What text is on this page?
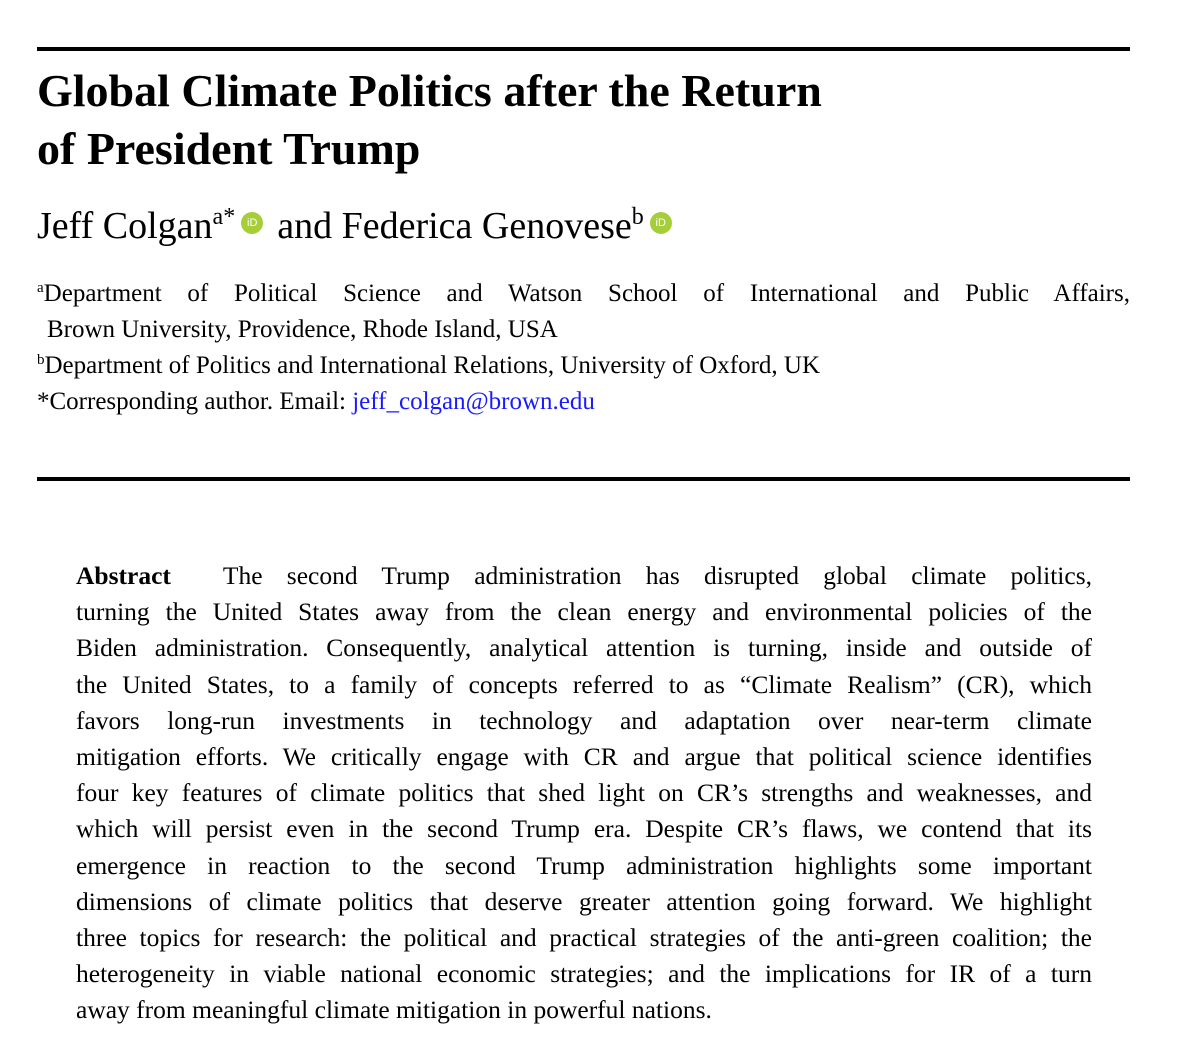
Global Climate Politics after the Return
of President Trump
Jeff Colgan$^{a*}$ iD and Federica Genovese$^b$ iD
$^a$Department of Political Science and Watson School of International and Public Affairs,
Brown University, Providence, Rhode Island, USA
$^b$Department of Politics and International Relations, University of Oxford, UK
*Corresponding author. Email: jeff_colgan@brown.edu
Abstract The second Trump administration has disrupted global climate politics,
turning the United States away from the clean energy and environmental policies of the
Biden administration. Consequently, analytical attention is turning, inside and outside of
the United States, to a family of concepts referred to as “Climate Realism” (CR), which
favors long-run investments in technology and adaptation over near-term climate
mitigation efforts. We critically engage with CR and argue that political science identifies
four key features of climate politics that shed light on CR’s strengths and weaknesses, and
which will persist even in the second Trump era. Despite CR’s flaws, we contend that its
emergence in reaction to the second Trump administration highlights some important
dimensions of climate politics that deserve greater attention going forward. We highlight
three topics for research: the political and practical strategies of the anti-green coalition; the
heterogeneity in viable national economic strategies; and the implications for IR of a turn
away from meaningful climate mitigation in powerful nations.
